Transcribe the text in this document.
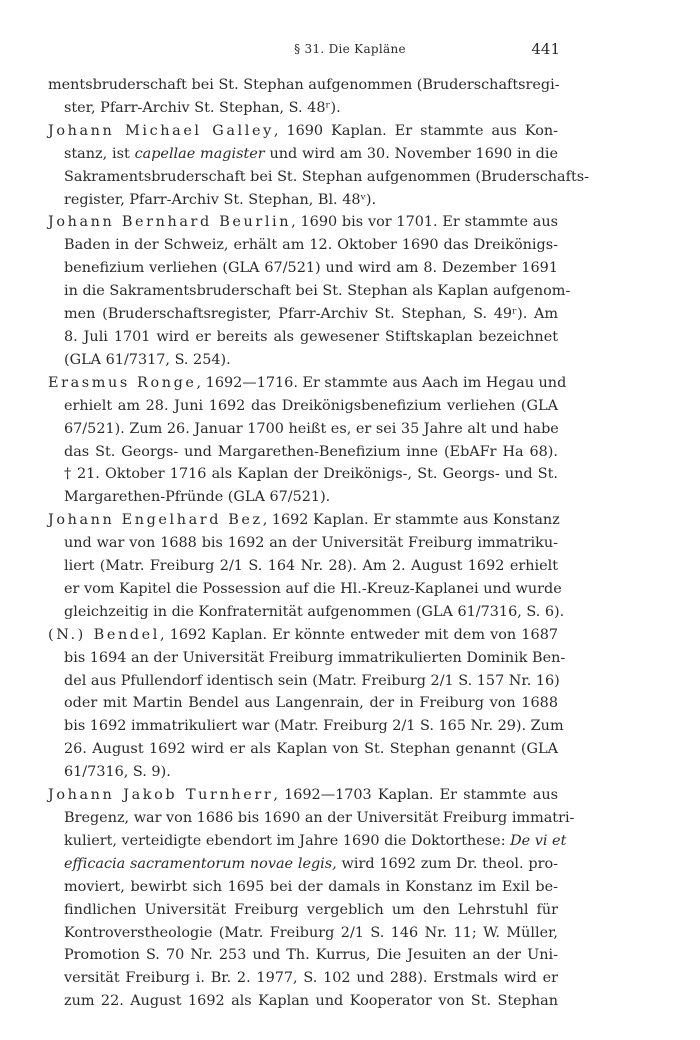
§ 31. Die Kapläne	441
mentsbruderschaft bei St. Stephan aufgenommen (Bruderschaftsregi-
ster, Pfarr-Archiv St. Stephan, S. 48ʳ).
Johann Michael Galley, 1690 Kaplan. Er stammte aus Kon-
stanz, ist capellae magister und wird am 30. November 1690 in die
Sakramentsbruderschaft bei St. Stephan aufgenommen (Bruderschafts-
register, Pfarr-Archiv St. Stephan, Bl. 48ᵛ).
Johann Bernhard Beurlin, 1690 bis vor 1701. Er stammte aus
Baden in der Schweiz, erhält am 12. Oktober 1690 das Dreikönigs-
benefizium verliehen (GLA 67/521) und wird am 8. Dezember 1691
in die Sakramentsbruderschaft bei St. Stephan als Kaplan aufgenom-
men (Bruderschaftsregister, Pfarr-Archiv St. Stephan, S. 49ʳ). Am
8. Juli 1701 wird er bereits als gewesener Stiftskaplan bezeichnet
(GLA 61/7317, S. 254).
Erasmus Ronge, 1692—1716. Er stammte aus Aach im Hegau und
erhielt am 28. Juni 1692 das Dreikönigsbenefizium verliehen (GLA
67/521). Zum 26. Januar 1700 heißt es, er sei 35 Jahre alt und habe
das St. Georgs- und Margarethen-Benefizium inne (EbAFr Ha 68).
† 21. Oktober 1716 als Kaplan der Dreikönigs-, St. Georgs- und St.
Margarethen-Pfründe (GLA 67/521).
Johann Engelhard Bez, 1692 Kaplan. Er stammte aus Konstanz
und war von 1688 bis 1692 an der Universität Freiburg immatriku-
liert (Matr. Freiburg 2/1 S. 164 Nr. 28). Am 2. August 1692 erhielt
er vom Kapitel die Possession auf die Hl.-Kreuz-Kaplanei und wurde
gleichzeitig in die Konfraternität aufgenommen (GLA 61/7316, S. 6).
(N.) Bendel, 1692 Kaplan. Er könnte entweder mit dem von 1687
bis 1694 an der Universität Freiburg immatrikulierten Dominik Ben-
del aus Pfullendorf identisch sein (Matr. Freiburg 2/1 S. 157 Nr. 16)
oder mit Martin Bendel aus Langenrain, der in Freiburg von 1688
bis 1692 immatrikuliert war (Matr. Freiburg 2/1 S. 165 Nr. 29). Zum
26. August 1692 wird er als Kaplan von St. Stephan genannt (GLA
61/7316, S. 9).
Johann Jakob Turnherr, 1692—1703 Kaplan. Er stammte aus
Bregenz, war von 1686 bis 1690 an der Universität Freiburg immatri-
kuliert, verteidigte ebendort im Jahre 1690 die Doktorthese: De vi et
efficacia sacramentorum novae legis, wird 1692 zum Dr. theol. pro-
moviert, bewirbt sich 1695 bei der damals in Konstanz im Exil be-
findlichen Universität Freiburg vergeblich um den Lehrstuhl für
Kontroverstheologie (Matr. Freiburg 2/1 S. 146 Nr. 11; W. Müller,
Promotion S. 70 Nr. 253 und Th. Kurrus, Die Jesuiten an der Uni-
versität Freiburg i. Br. 2. 1977, S. 102 und 288). Erstmals wird er
zum 22. August 1692 als Kaplan und Kooperator von St. Stephan
